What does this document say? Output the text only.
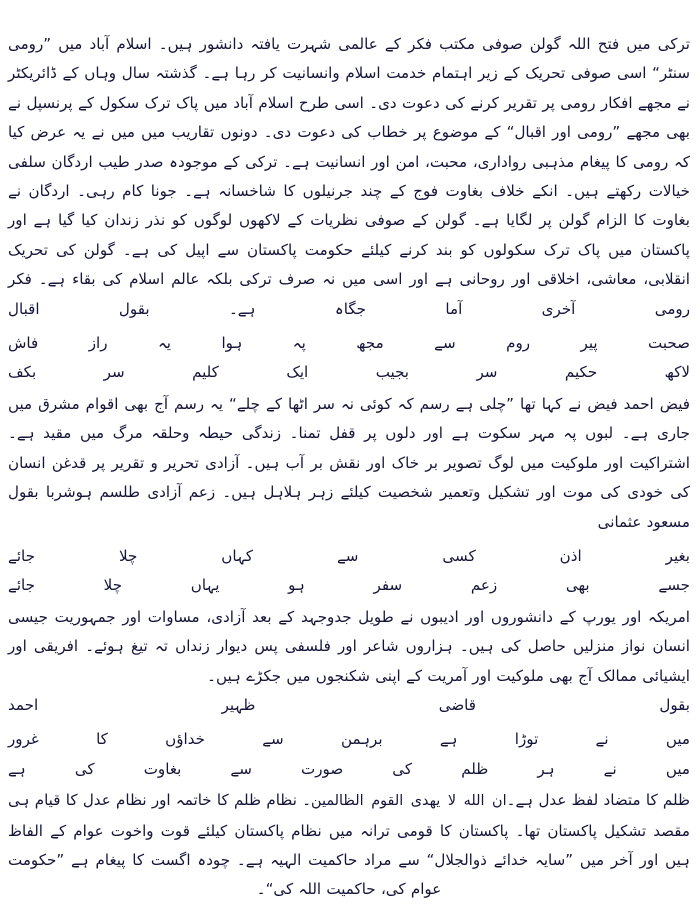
ترکی میں فتح اللہ گولن صوفی مکتب فکر کے عالمی شہرت یافتہ دانشور ہیں۔ اسلام آباد میں ”رومی سنٹر“ اسی صوفی تحریک کے زیر اہتمام خدمت اسلام وانسانیت کر رہا ہے۔ گذشتہ سال وہاں کے ڈائریکٹر نے مجھے افکار رومی پر تقریر کرنے کی دعوت دی۔ اسی طرح اسلام آباد میں پاک ترک سکول کے پرنسپل نے بھی مجھے ”رومی اور اقبال“ کے موضوع پر خطاب کی دعوت دی۔ دونوں تقاریب میں میں نے یہ عرض کیا کہ رومی کا پیغام مذہبی رواداری، محبت، امن اور انسانیت ہے۔ ترکی کے موجودہ صدر طیب اردگان سلفی خیالات رکھتے ہیں۔ انکے خلاف بغاوت فوج کے چند جرنیلوں کا شاخسانہ ہے۔ جونا کام رہی۔ اردگان نے بغاوت کا الزام گولن پر لگایا ہے۔ گولن کے صوفی نظریات کے لاکھوں لوگوں کو نذر زندان کیا گیا ہے اور پاکستان میں پاک ترک سکولوں کو بند کرنے کیلئے حکومت پاکستان سے اپیل کی ہے۔ گولن کی تحریک انقلابی، معاشی، اخلاقی اور روحانی ہے اور اسی میں نہ صرف ترکی بلکہ عالم اسلام کی بقاء ہے۔ فکر رومی آخری آما جگاہ ہے۔ بقول اقبال

صحبت پیر روم سے مجھ پہ ہوا یہ راز فاش
لاکھ حکیم سر بجیب ایک کلیم سر بکف

فیض احمد فیض نے کہا تھا ”چلی ہے رسم کہ کوئی نہ سر اٹھا کے چلے“ یہ رسم آج بھی اقوام مشرق میں جاری ہے۔ لبوں پہ مہر سکوت ہے اور دلوں پر قفل تمنا۔ زندگی حیطہ وحلقہ مرگ میں مقید ہے۔ اشتراکیت اور ملوکیت میں لوگ تصویر بر خاک اور نقش بر آب ہیں۔ آزادی تحریر و تقریر پر قدغن انسان کی خودی کی موت اور تشکیل وتعمیر شخصیت کیلئے زہر ہلاہل ہیں۔ زعم آزادی طلسم ہوشربا بقول مسعود عثمانی

بغیر اذن کسی سے کہاں چلا جائے
جسے بھی زعم سفر ہو یہاں چلا جائے

امریکہ اور یورپ کے دانشوروں اور ادیبوں نے طویل جدوجہد کے بعد آزادی، مساوات اور جمہوریت جیسی انسان نواز منزلیں حاصل کی ہیں۔ ہزاروں شاعر اور فلسفی پس دیوار زنداں تہ تیغ ہوئے۔ افریقی اور ایشیائی ممالک آج بھی ملوکیت اور آمریت کے اپنی شکنجوں میں جکڑے ہیں۔

بقول قاضی ظہیر احمد

میں نے توڑا ہے برہمن سے خداؤں کا غرور
میں نے ہر ظلم کی صورت سے بغاوت کی ہے

ظلم کا متضاد لفظ عدل ہے۔ان الله لا يهدى القوم الظالمين۔ نظام ظلم کا خاتمہ اور نظام عدل کا قیام ہی مقصد تشکیل پاکستان تھا۔ پاکستان کا قومی ترانہ میں نظام پاکستان کیلئے قوت واخوت عوام کے الفاظ ہیں اور آخر میں ”سایہ خدائے ذوالجلال“ سے مراد حاکمیت الہیہ ہے۔ چودہ اگست کا پیغام ہے ”حکومت عوام کی، حاکمیت اللہ کی“۔
